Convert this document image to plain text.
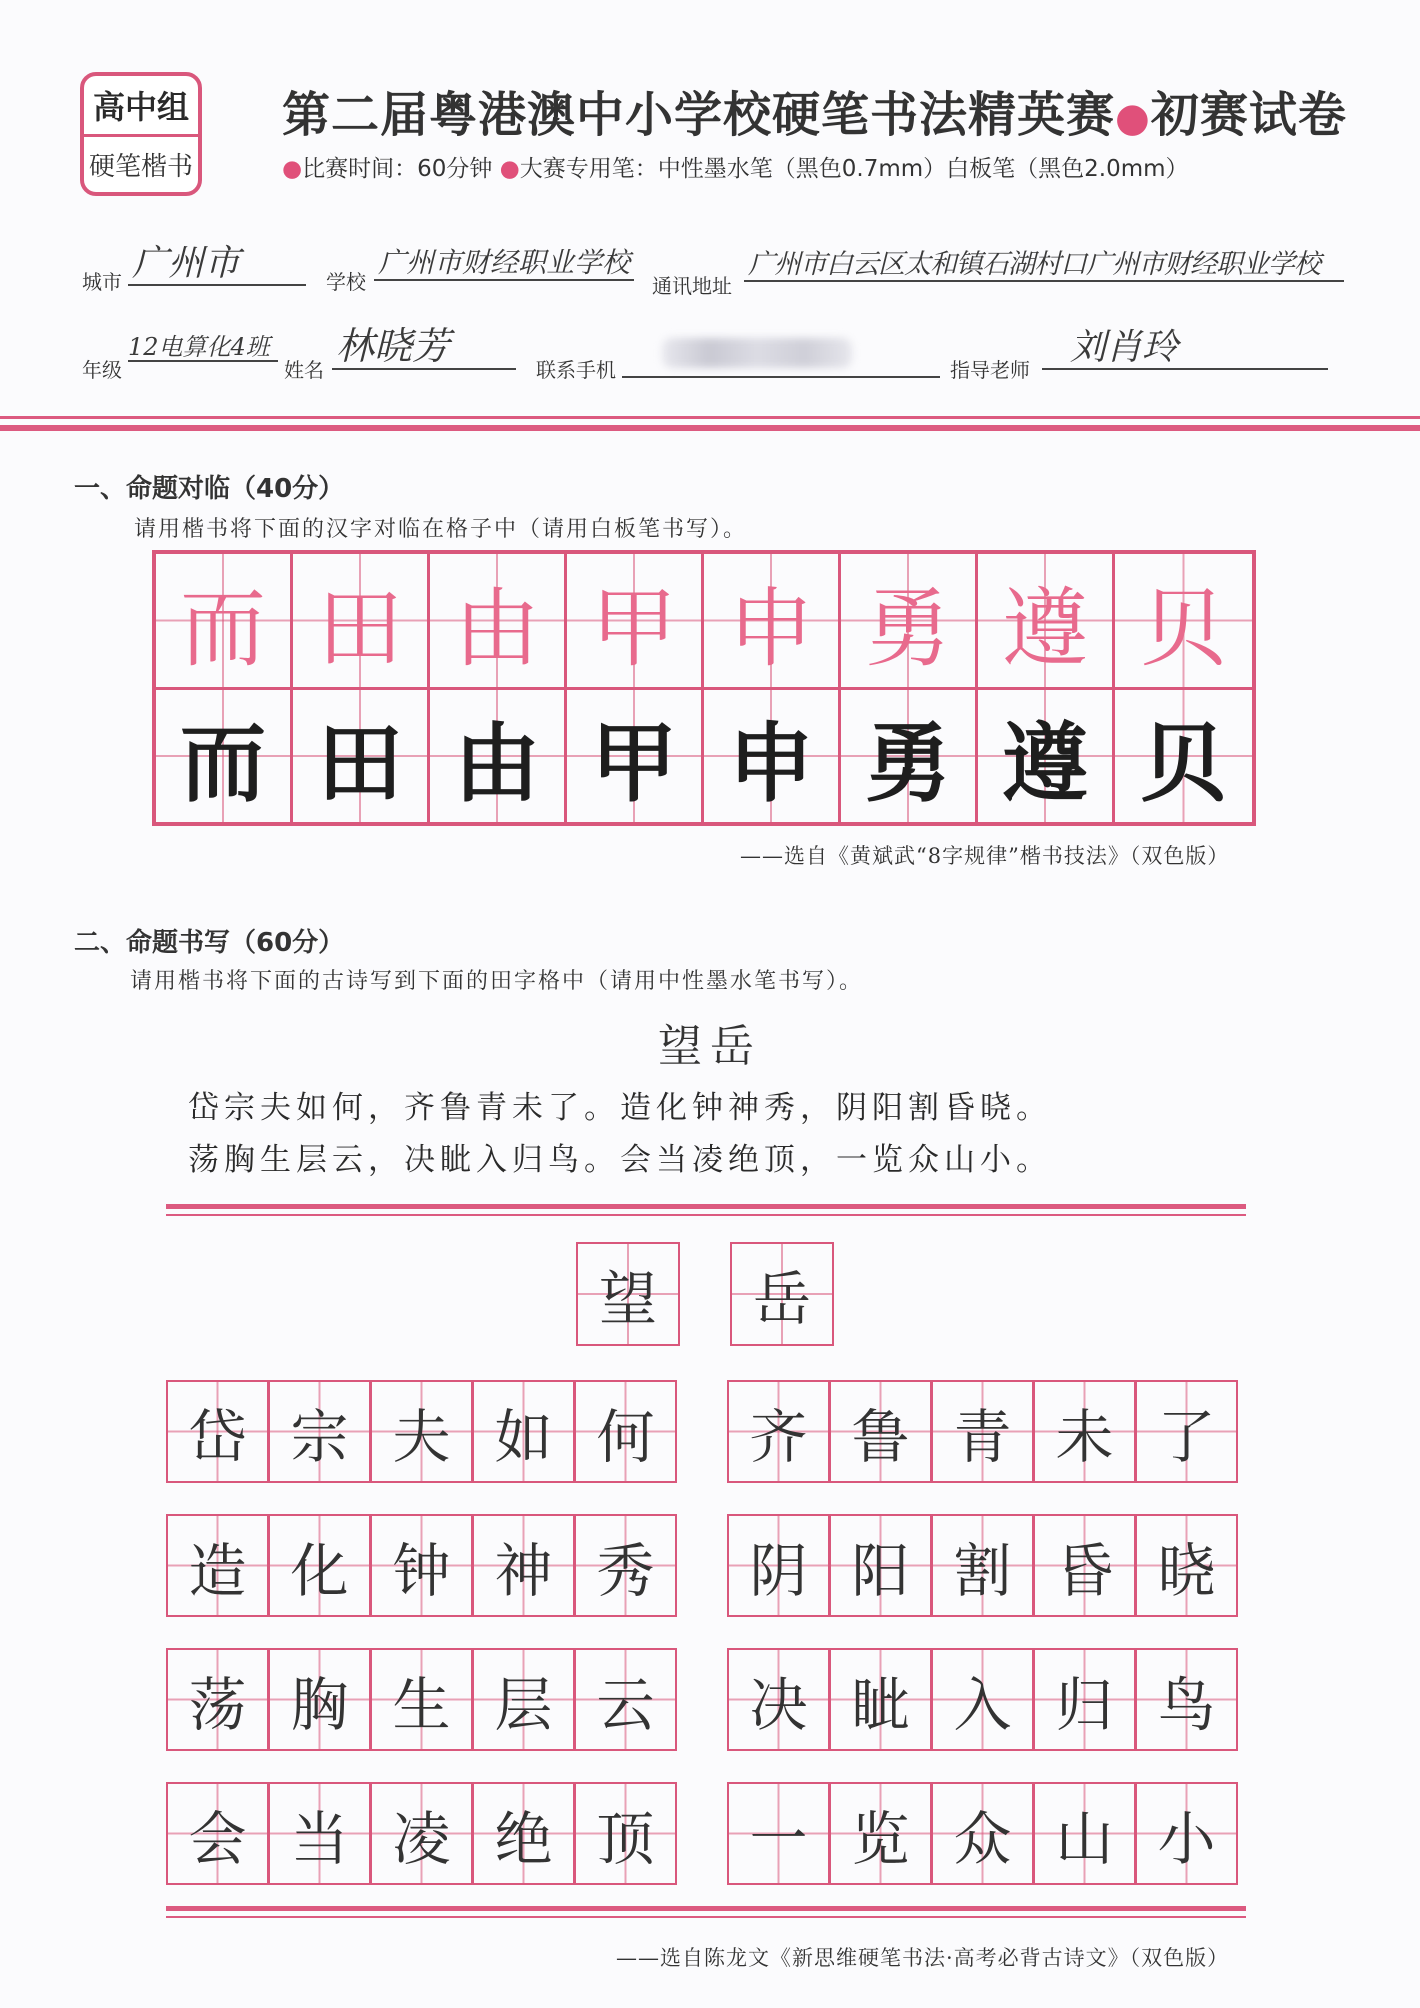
高中组
硬笔楷书
第二届粤港澳中小学校硬笔书法精英赛●初赛试卷
●比赛时间：60分钟 ●大赛专用笔：中性墨水笔（黑色0.7mm）白板笔（黑色2.0mm）
城市 广州市	学校
广州市财经职业学校
通讯地址
广州市白云区太和镇石湖村口广州市财经职业学校
年级
12电算化4班
姓名
林晓芳
联系手机	指导老师
刘肖玲
一、命题对临（40分）
请用楷书将下面的汉字对临在格子中（请用白板笔书写）。
而 田 由 甲 申 勇 遵 贝
而 田 由 甲 申 勇 遵 贝
——选自《黄斌武“8字规律”楷书技法》（双色版）
二、命题书写（60分）
请用楷书将下面的古诗写到下面的田字格中（请用中性墨水笔书写）。
望岳
岱宗夫如何，齐鲁青未了。造化钟神秀，阴阳割昏晓。
荡胸生层云，决眦入归鸟。会当凌绝顶，一览众山小。
望 岳
岱 宗 夫 如 何 齐 鲁 青 未 了
造 化 钟 神 秀 阴 阳 割 昏 晓
荡 胸 生 层 云 决 眦 入 归 鸟
会 当 凌 绝 顶 一 览 众 山 小
——选自陈龙文《新思维硬笔书法·高考必背古诗文》（双色版）
